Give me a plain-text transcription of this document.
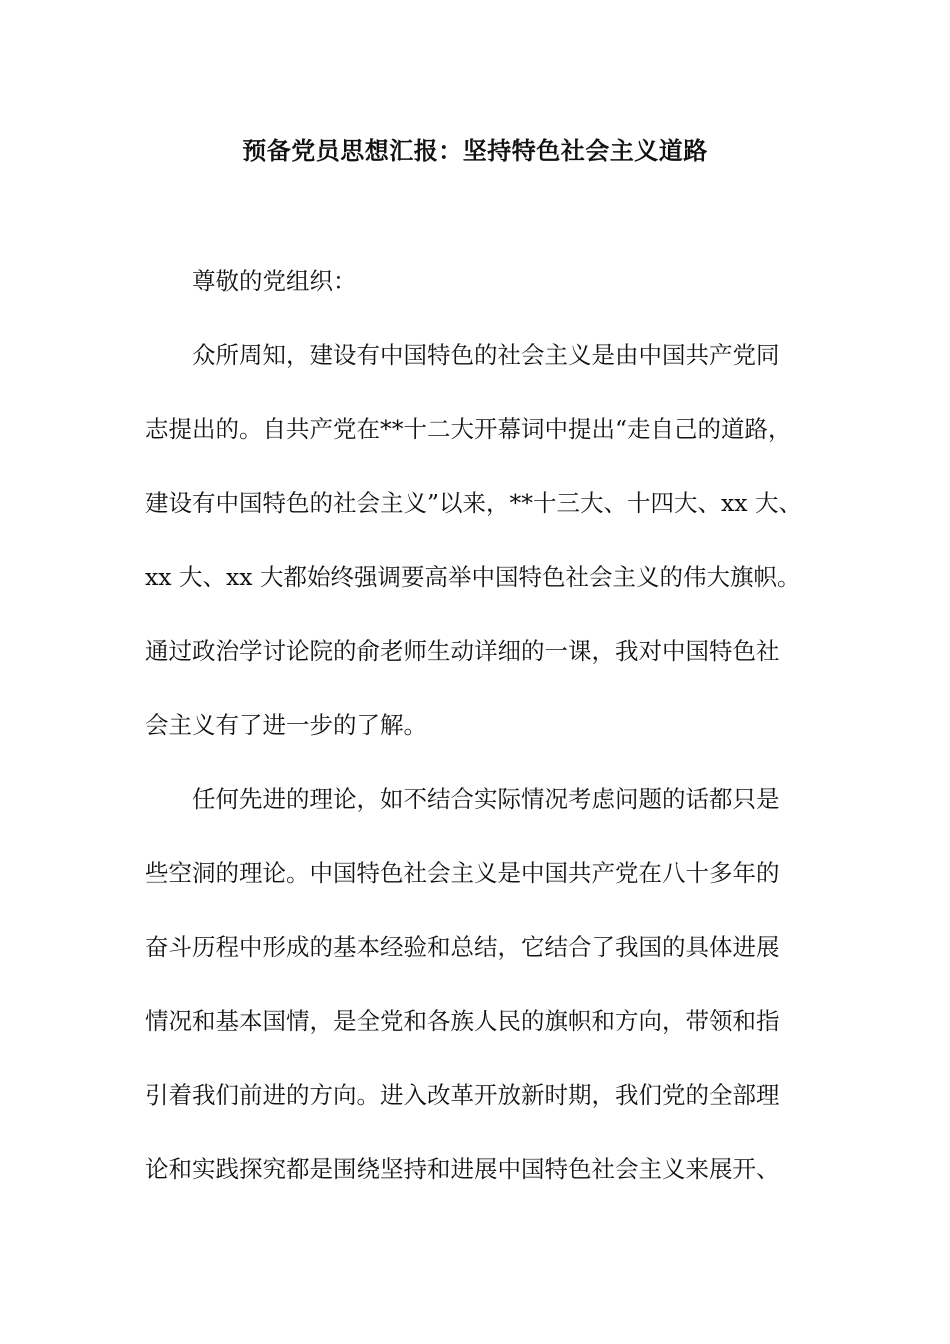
预备党员思想汇报：坚持特色社会主义道路
尊敬的党组织：
众所周知，建设有中国特色的社会主义是由中国共产党同
志提出的。自共产党在**十二大开幕词中提出“走自己的道路，
建设有中国特色的社会主义”以来，**十三大、十四大、xx 大、
xx 大、xx 大都始终强调要高举中国特色社会主义的伟大旗帜。
通过政治学讨论院的俞老师生动详细的一课，我对中国特色社
会主义有了进一步的了解。
任何先进的理论，如不结合实际情况考虑问题的话都只是
些空洞的理论。中国特色社会主义是中国共产党在八十多年的
奋斗历程中形成的基本经验和总结，它结合了我国的具体进展
情况和基本国情，是全党和各族人民的旗帜和方向，带领和指
引着我们前进的方向。进入改革开放新时期，我们党的全部理
论和实践探究都是围绕坚持和进展中国特色社会主义来展开、
